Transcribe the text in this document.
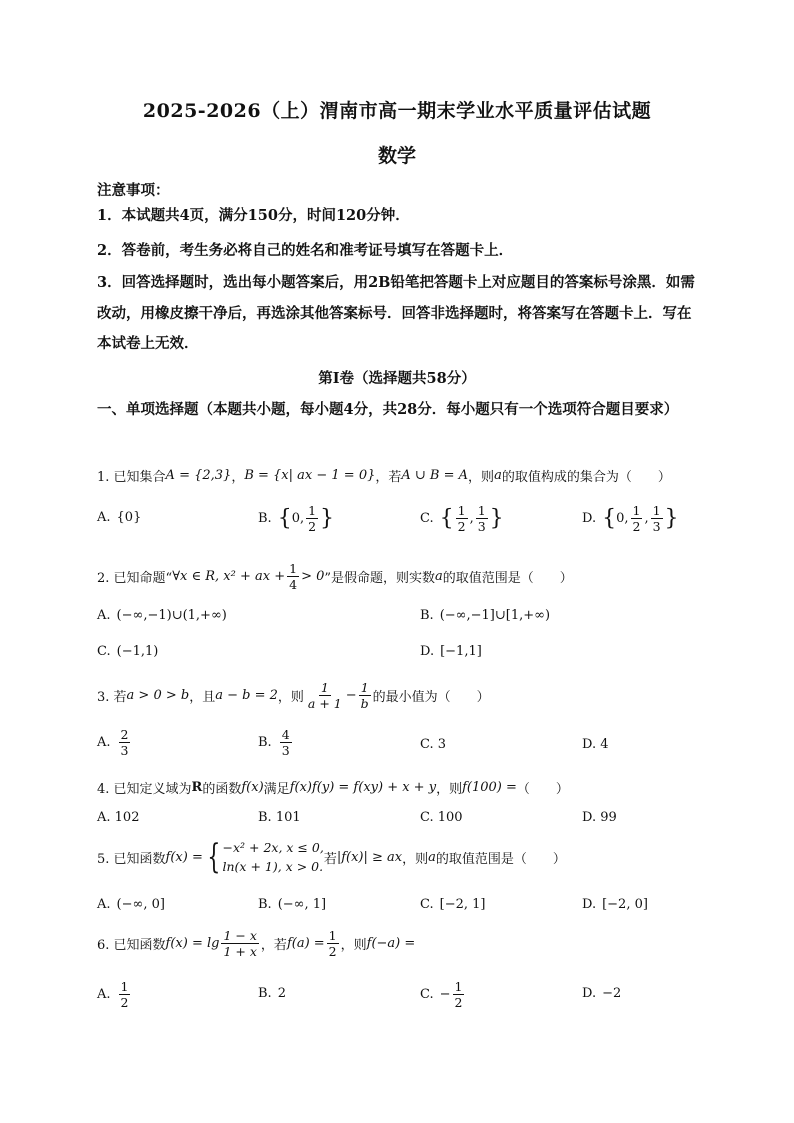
2025-2026（上）渭南市高一期末学业水平质量评估试题
数学
注意事项：
1．本试题共4页，满分150分，时间120分钟．
2．答卷前，考生务必将自己的姓名和准考证号填写在答题卡上．
3．回答选择题时，选出每小题答案后，用2B铅笔把答题卡上对应题目的答案标号涂黑．如需改动，用橡皮擦干净后，再选涂其他答案标号．回答非选择题时，将答案写在答题卡上．写在本试卷上无效．
第Ⅰ卷（选择题共58分）
一、单项选择题（本题共小题，每小题4分，共28分．每小题只有一个选项符合题目要求）
1. 已知集合 A = {2,3} ， B = {x| ax − 1 = 0} ，若 A ∪ B = A ，则 a 的取值构成的集合为（　　）
A. {0}	B. { 0, $\frac{1}{2}$ }	C. { $\frac{1}{2}$ , $\frac{1}{3}$ }	D. { 0, $\frac{1}{2}$ , $\frac{1}{3}$ }
2. 已知命题“ ∀x ∈ R, x² + ax + $\frac{1}{4} > 0$ ”是假命题，则实数 a 的取值范围是（　　）
A. (−∞,−1)∪(1,+∞)	B. (−∞,−1]∪[1,+∞)
C. (−1,1)	D. [−1,1]
3. 若 a > 0 > b ，且 a − b = 2 ，则 $\frac{1}{a + 1} - \frac{1}{b}$ 的最小值为（　　）
A. $\frac{2}{3}$	B. $\frac{4}{3}$	C. 3	D. 4
4. 已知定义域为 R 的函数 f(x) 满足 f(x)f(y) = f(xy) + x + y ，则 f(100) = （　　）
A. 102	B. 101	C. 100	D. 99
5. 已知函数 f(x) = { −x² + 2x, x ≤ 0,
ln(x + 1), x > 0. 若 |f(x)| ≥ ax ，则 a 的取值范围是（　　）
A. (−∞, 0]	B. (−∞, 1]	C. [−2, 1]	D. [−2, 0]
6. 已知函数 $f(x) = \lg \frac{1 - x}{1 + x}$ ，若 $f(a) = \frac{1}{2}$ ，则 f(−a) =
A. $\frac{1}{2}$	B. 2	C. − $\frac{1}{2}$	D. −2
